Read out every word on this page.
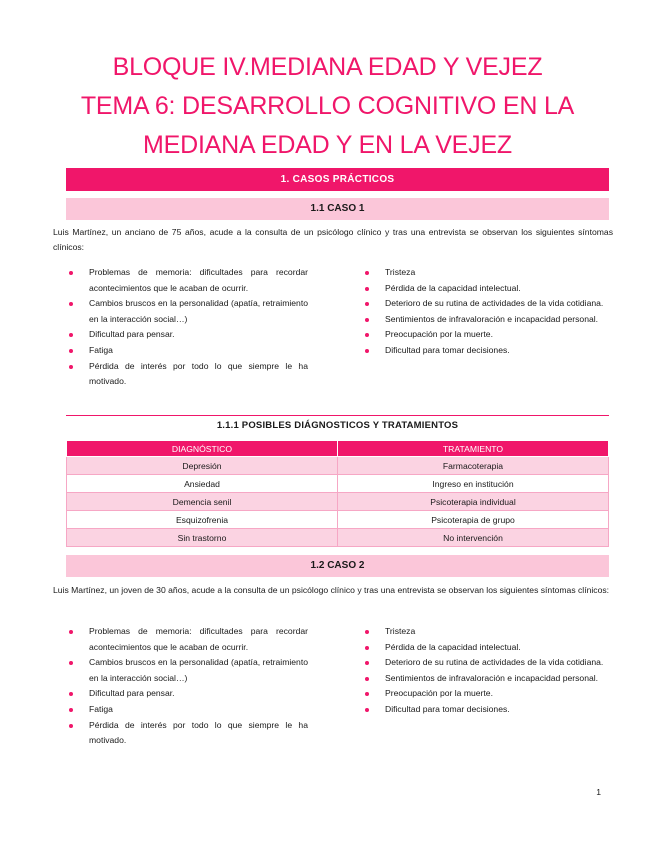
BLOQUE IV.MEDIANA EDAD Y VEJEZ
TEMA 6: DESARROLLO COGNITIVO EN LA
MEDIANA EDAD Y EN LA VEJEZ
1. CASOS PRÁCTICOS
1.1 CASO 1
Luis Martínez, un anciano de 75 años, acude a la consulta de un psicólogo clínico y tras una entrevista se observan los siguientes síntomas clínicos:
Problemas de memoria: dificultades para recordar acontecimientos que le acaban de ocurrir.
Cambios bruscos en la personalidad (apatía, retraimiento en la interacción social…)
Dificultad para pensar.
Fatiga
Pérdida de interés por todo lo que siempre le ha motivado.
Tristeza
Pérdida de la capacidad intelectual.
Deterioro de su rutina de actividades de la vida cotidiana.
Sentimientos de infravaloración e incapacidad personal.
Preocupación por la muerte.
Dificultad para tomar decisiones.
1.1.1 POSIBLES DIÁGNOSTICOS Y TRATAMIENTOS
DIAGNÓSTICO	TRATAMIENTO
Depresión	Farmacoterapia
Ansiedad	Ingreso en institución
Demencia senil	Psicoterapia individual
Esquizofrenia	Psicoterapia de grupo
Sin trastorno	No intervención
1.2 CASO 2
Luis Martínez, un joven de 30 años, acude a la consulta de un psicólogo clínico y tras una entrevista se observan los siguientes síntomas clínicos:
Problemas de memoria: dificultades para recordar acontecimientos que le acaban de ocurrir.
Cambios bruscos en la personalidad (apatía, retraimiento en la interacción social…)
Dificultad para pensar.
Fatiga
Pérdida de interés por todo lo que siempre le ha motivado.
Tristeza
Pérdida de la capacidad intelectual.
Deterioro de su rutina de actividades de la vida cotidiana.
Sentimientos de infravaloración e incapacidad personal.
Preocupación por la muerte.
Dificultad para tomar decisiones.
1
